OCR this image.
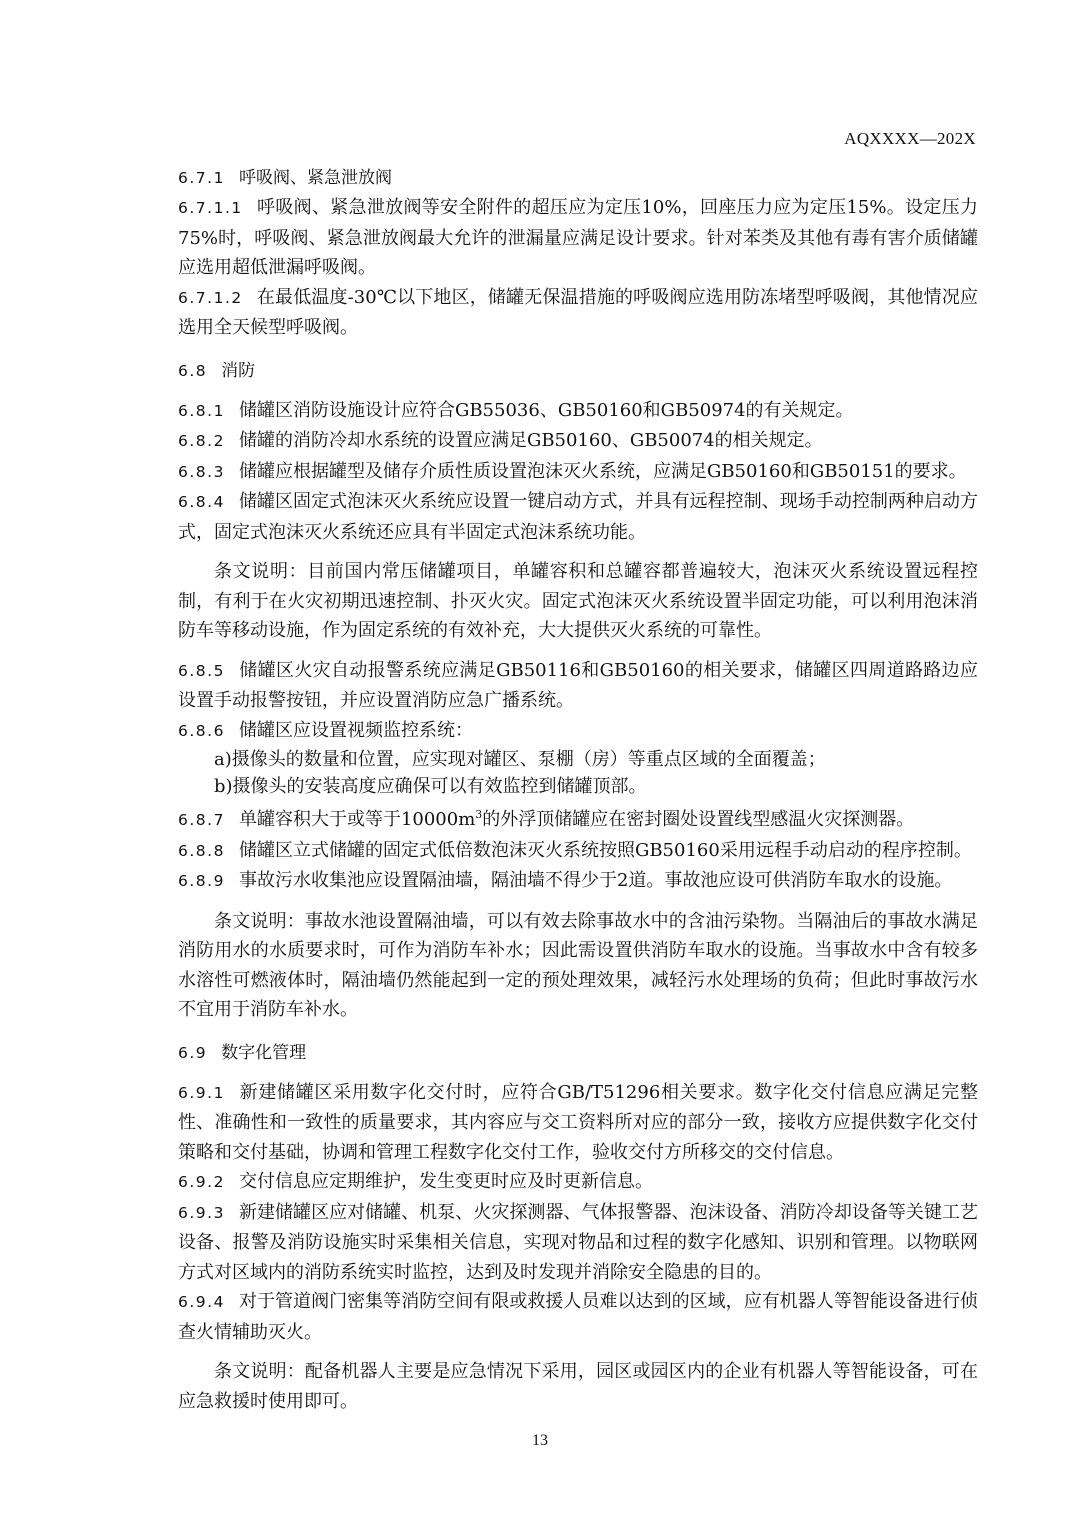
AQXXXX—202X

6.7.1 呼吸阀、紧急泄放阀

6.7.1.1 呼吸阀、紧急泄放阀等安全附件的超压应为定压10%，回座压力应为定压15%。设定压力75%时，呼吸阀、紧急泄放阀最大允许的泄漏量应满足设计要求。针对苯类及其他有毒有害介质储罐应选用超低泄漏呼吸阀。

6.7.1.2 在最低温度-30℃以下地区，储罐无保温措施的呼吸阀应选用防冻堵型呼吸阀，其他情况应选用全天候型呼吸阀。

6.8 消防

6.8.1 储罐区消防设施设计应符合GB55036、GB50160和GB50974的有关规定。

6.8.2 储罐的消防冷却水系统的设置应满足GB50160、GB50074的相关规定。

6.8.3 储罐应根据罐型及储存介质性质设置泡沫灭火系统，应满足GB50160和GB50151的要求。

6.8.4 储罐区固定式泡沫灭火系统应设置一键启动方式，并具有远程控制、现场手动控制两种启动方式，固定式泡沫灭火系统还应具有半固定式泡沫系统功能。

条文说明：目前国内常压储罐项目，单罐容积和总罐容都普遍较大，泡沫灭火系统设置远程控制，有利于在火灾初期迅速控制、扑灭火灾。固定式泡沫灭火系统设置半固定功能，可以利用泡沫消防车等移动设施，作为固定系统的有效补充，大大提供灭火系统的可靠性。

6.8.5 储罐区火灾自动报警系统应满足GB50116和GB50160的相关要求，储罐区四周道路路边应设置手动报警按钮，并应设置消防应急广播系统。

6.8.6 储罐区应设置视频监控系统：

a)摄像头的数量和位置，应实现对罐区、泵棚（房）等重点区域的全面覆盖；

b)摄像头的安装高度应确保可以有效监控到储罐顶部。

6.8.7 单罐容积大于或等于$10000m^3$的外浮顶储罐应在密封圈处设置线型感温火灾探测器。

6.8.8 储罐区立式储罐的固定式低倍数泡沫灭火系统按照GB50160采用远程手动启动的程序控制。

6.8.9 事故污水收集池应设置隔油墙，隔油墙不得少于2道。事故池应设可供消防车取水的设施。

条文说明：事故水池设置隔油墙，可以有效去除事故水中的含油污染物。当隔油后的事故水满足消防用水的水质要求时，可作为消防车补水；因此需设置供消防车取水的设施。当事故水中含有较多水溶性可燃液体时，隔油墙仍然能起到一定的预处理效果，减轻污水处理场的负荷；但此时事故污水不宜用于消防车补水。

6.9 数字化管理

6.9.1 新建储罐区采用数字化交付时，应符合GB/T51296相关要求。数字化交付信息应满足完整性、准确性和一致性的质量要求，其内容应与交工资料所对应的部分一致，接收方应提供数字化交付策略和交付基础，协调和管理工程数字化交付工作，验收交付方所移交的交付信息。

6.9.2 交付信息应定期维护，发生变更时应及时更新信息。

6.9.3 新建储罐区应对储罐、机泵、火灾探测器、气体报警器、泡沫设备、消防冷却设备等关键工艺设备、报警及消防设施实时采集相关信息，实现对物品和过程的数字化感知、识别和管理。以物联网方式对区域内的消防系统实时监控，达到及时发现并消除安全隐患的目的。

6.9.4 对于管道阀门密集等消防空间有限或救援人员难以达到的区域，应有机器人等智能设备进行侦查火情辅助灭火。

条文说明：配备机器人主要是应急情况下采用，园区或园区内的企业有机器人等智能设备，可在应急救援时使用即可。

13
